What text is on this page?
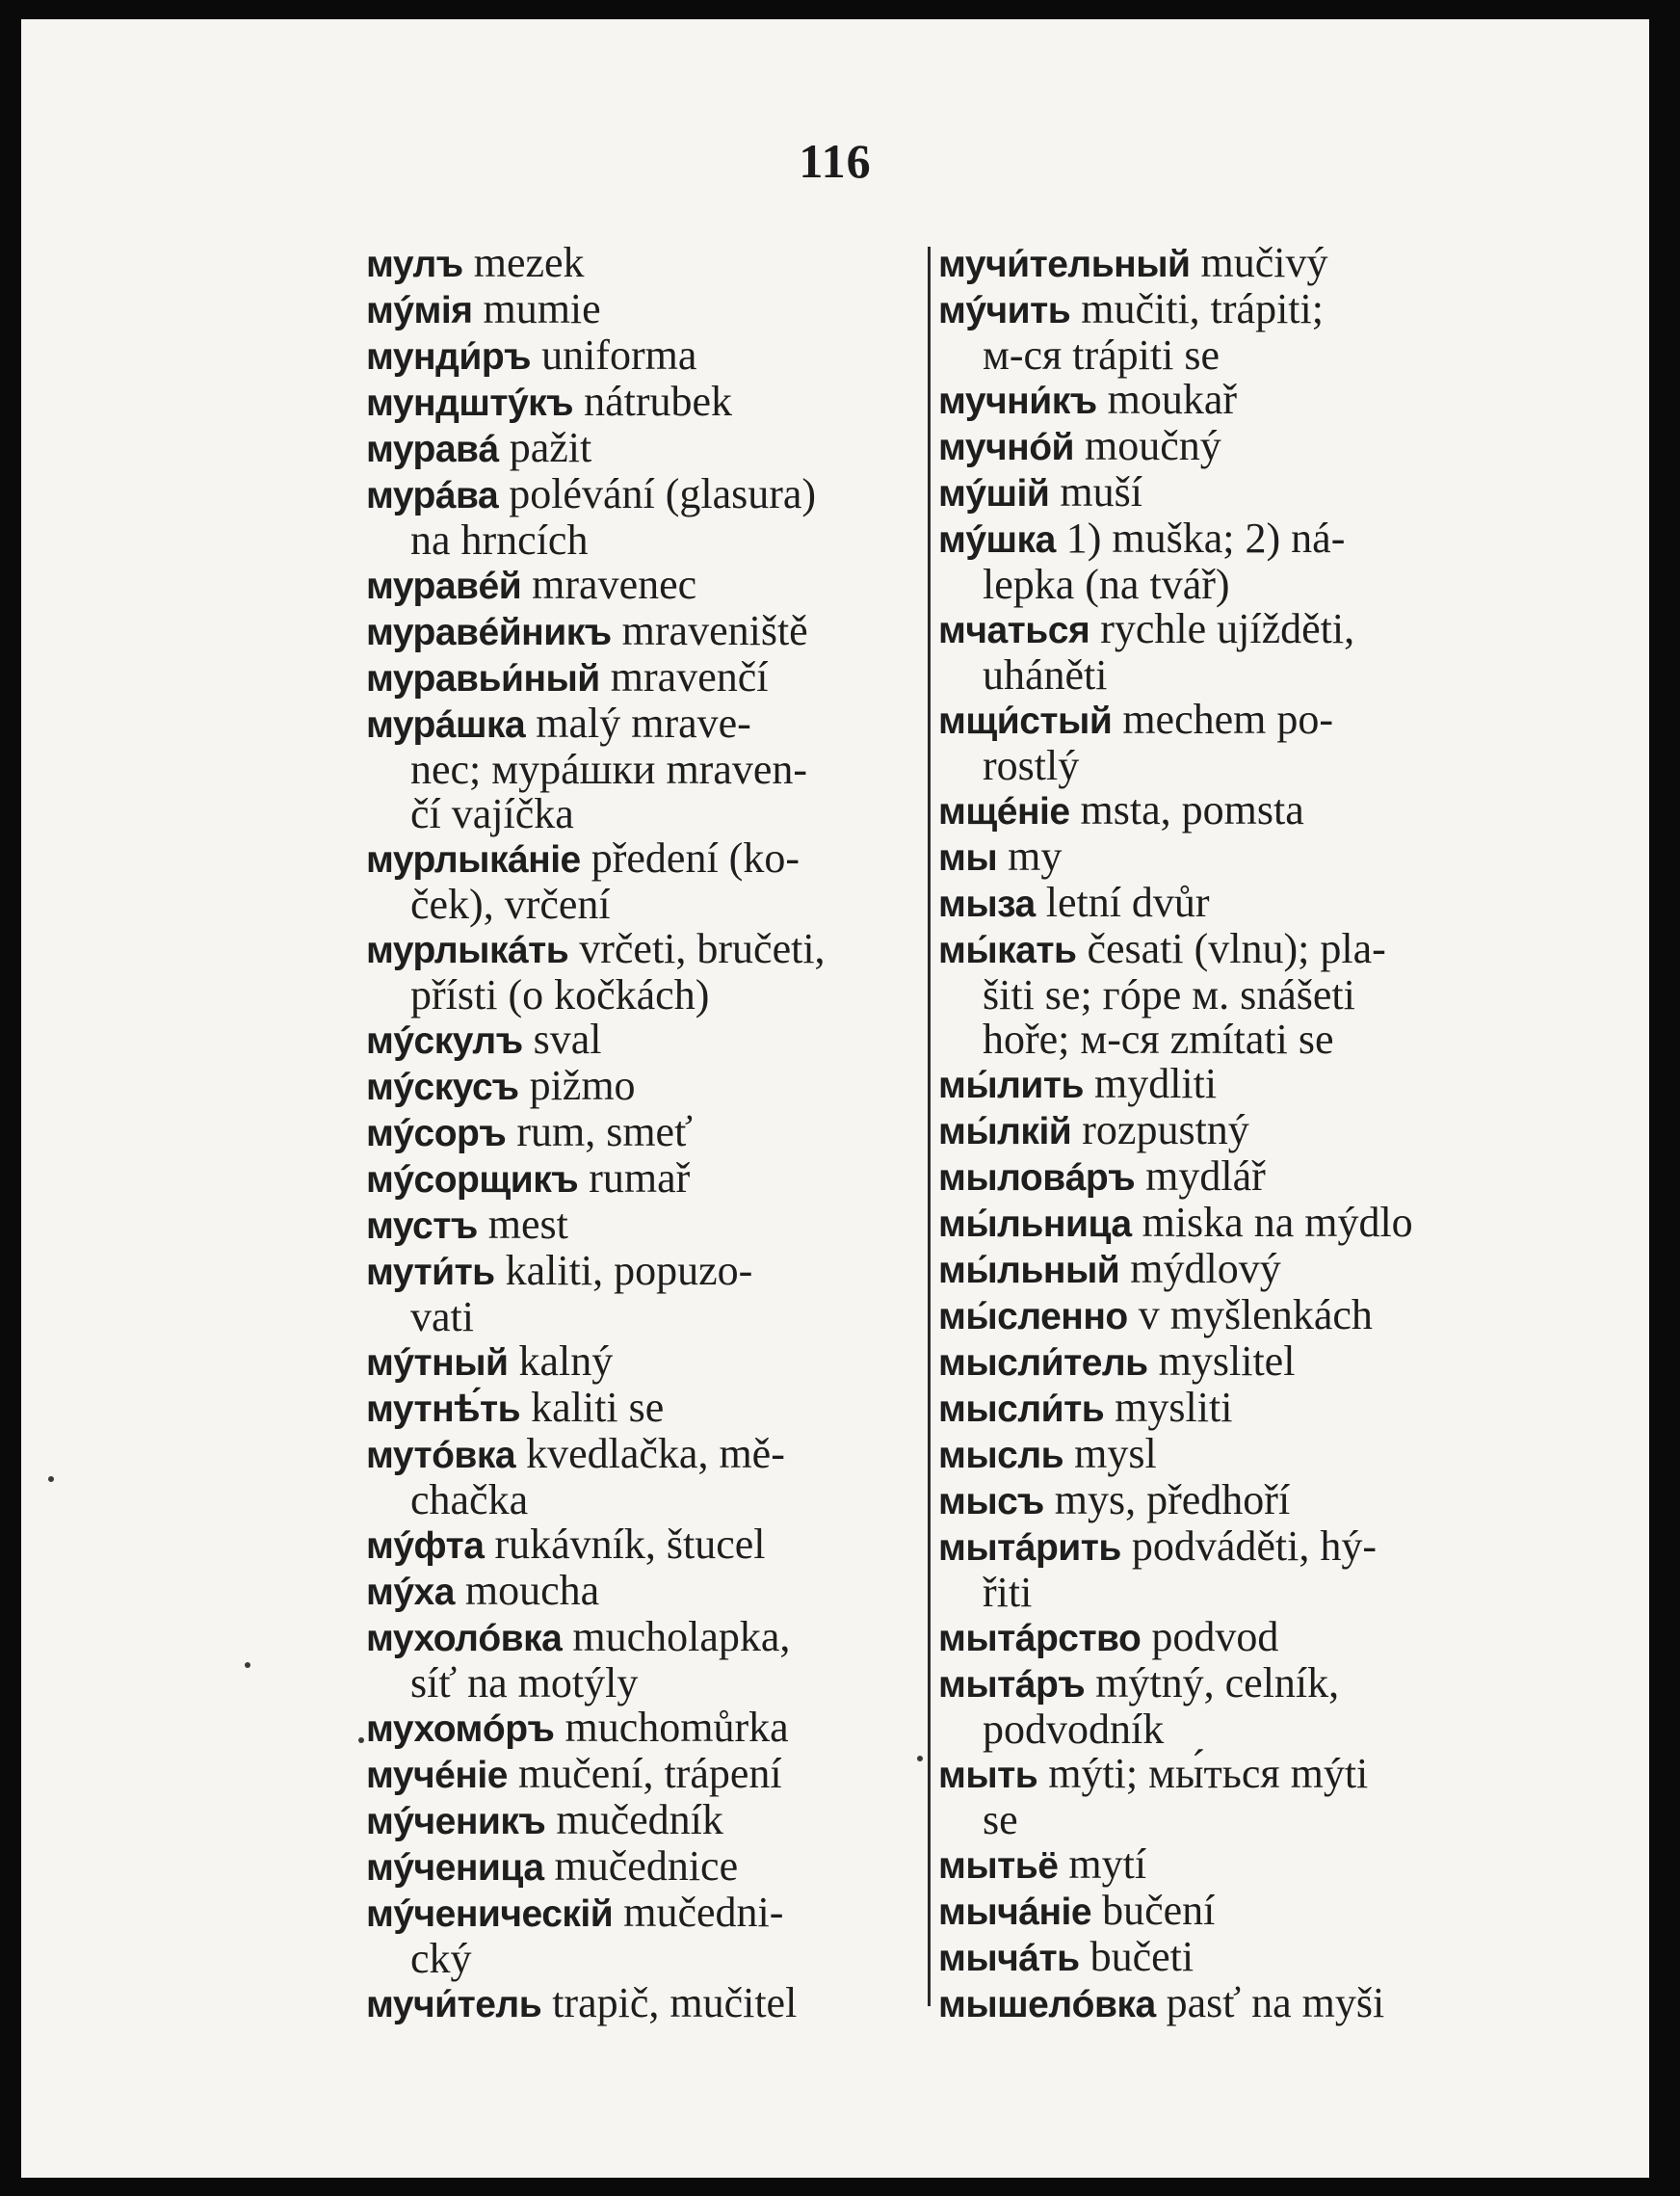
116
мулъ mezek
мýмія mumie
мунди́ръ uniforma
мундштýкъ nátrubek
муравá pažit
мурáва polévání (glasura)
na hrncích
муравéй mravenec
муравéйникъ mraveniště
муравьи́ный mravenčí
мурáшка malý mrave-
nec; мурáшки mraven-
čí vajíčka
мурлыкáніе předení (ko-
ček), vrčení
мурлыкáть vrčeti, bručeti,
přísti (o kočkách)
мýскулъ sval
мýскусъ pižmo
мýсоръ rum, smeť
мýсорщикъ rumař
мустъ mest
мути́ть kaliti, popuzo-
vati
мýтный kalný
мутнѣ́ть kaliti se
мутóвка kvedlačka, mě-
chačka
мýфта rukávník, štucel
мýха moucha
мухолóвка mucholapka,
síť na motýly
мухомóръ muchomůrka
мучéніе mučení, trápení
мýченикъ mučedník
мýченица mučednice
мýченическій mučedni-
cký
мучи́тель trapič, mučitel
мучи́тельный mučivý
мýчить mučiti, trápiti;
м-ся trápiti se
мучни́къ moukař
мучнóй moučný
мýшій muší
мýшка 1) muška; 2) ná-
lepka (na tvář)
мчаться rychle ujížděti,
uháněti
мщи́стый mechem po-
rostlý
мщéніе msta, pomsta
мы my
мыза letní dvůr
мы́кать česati (vlnu); pla-
šiti se; гóре м. snášeti
hoře; м-ся zmítati se
мы́лить mydliti
мы́лкій rozpustný
мыловáръ mydlář
мы́льница miska na mýdlo
мы́льный mýdlový
мы́сленно v myšlenkách
мысли́тель myslitel
мысли́ть mysliti
мысль mysl
мысъ mys, předhoří
мытáрить podváděti, hý-
řiti
мытáрство podvod
мытáръ mýtný, celník,
podvodník
мыть mýti; мы́ться mýti
se
мытьё mytí
мычáніе bučení
мычáть bučeti
мышелóвка pasť na myši
